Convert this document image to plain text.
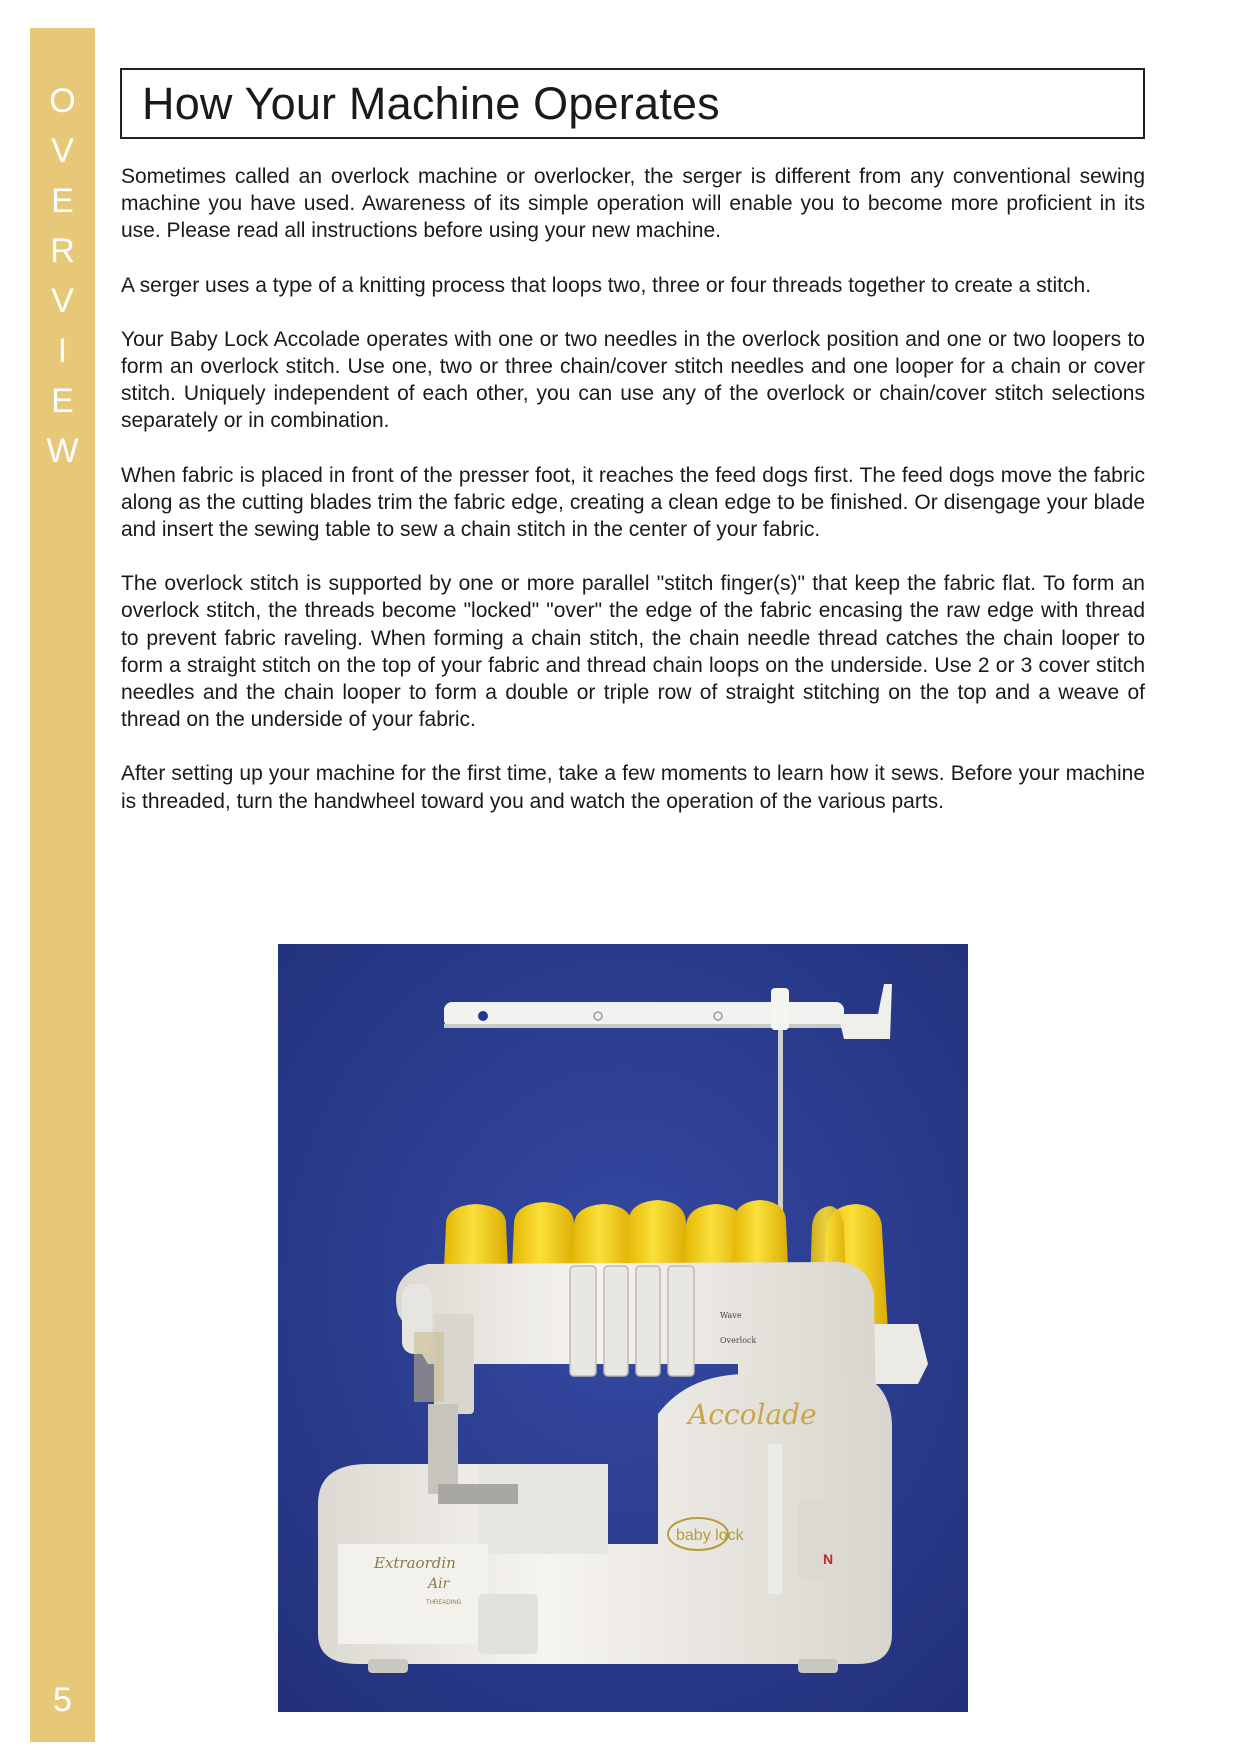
O
V
E
R
V
I
E
W
5
How Your Machine Operates

Sometimes called an overlock machine or overlocker, the serger is different from any conventional sewing machine you have used. Awareness of its simple operation will enable you to become more proficient in its use. Please read all instructions before using your new machine.

A serger uses a type of a knitting process that loops two, three or four threads together to create a stitch.

Your Baby Lock Accolade operates with one or two needles in the overlock position and one or two loopers to form an overlock stitch. Use one, two or three chain/cover stitch needles and one looper for a chain or cover stitch. Uniquely independent of each other, you can use any of the overlock or chain/cover stitch selections separately or in combination.

When fabric is placed in front of the presser foot, it reaches the feed dogs first. The feed dogs move the fabric along as the cutting blades trim the fabric edge, creating a clean edge to be finished. Or disengage your blade and insert the sewing table to sew a chain stitch in the center of your fabric.

The overlock stitch is supported by one or more parallel "stitch finger(s)" that keep the fabric flat. To form an overlock stitch, the threads become "locked" "over" the edge of the fabric encasing the raw edge with thread to prevent fabric raveling. When forming a chain stitch, the chain needle thread catches the chain looper to form a straight stitch on the top of your fabric and thread chain loops on the underside. Use 2 or 3 cover stitch needles and the chain looper to form a double or triple row of straight stitching on the top and a weave of thread on the underside of your fabric.

After setting up your machine for the first time, take a few moments to learn how it sews. Before your machine is threaded, turn the handwheel toward you and watch the operation of the various parts.

Wave
Overlock
Accolade
baby lock
Extraordin
Air
THREADING
N
